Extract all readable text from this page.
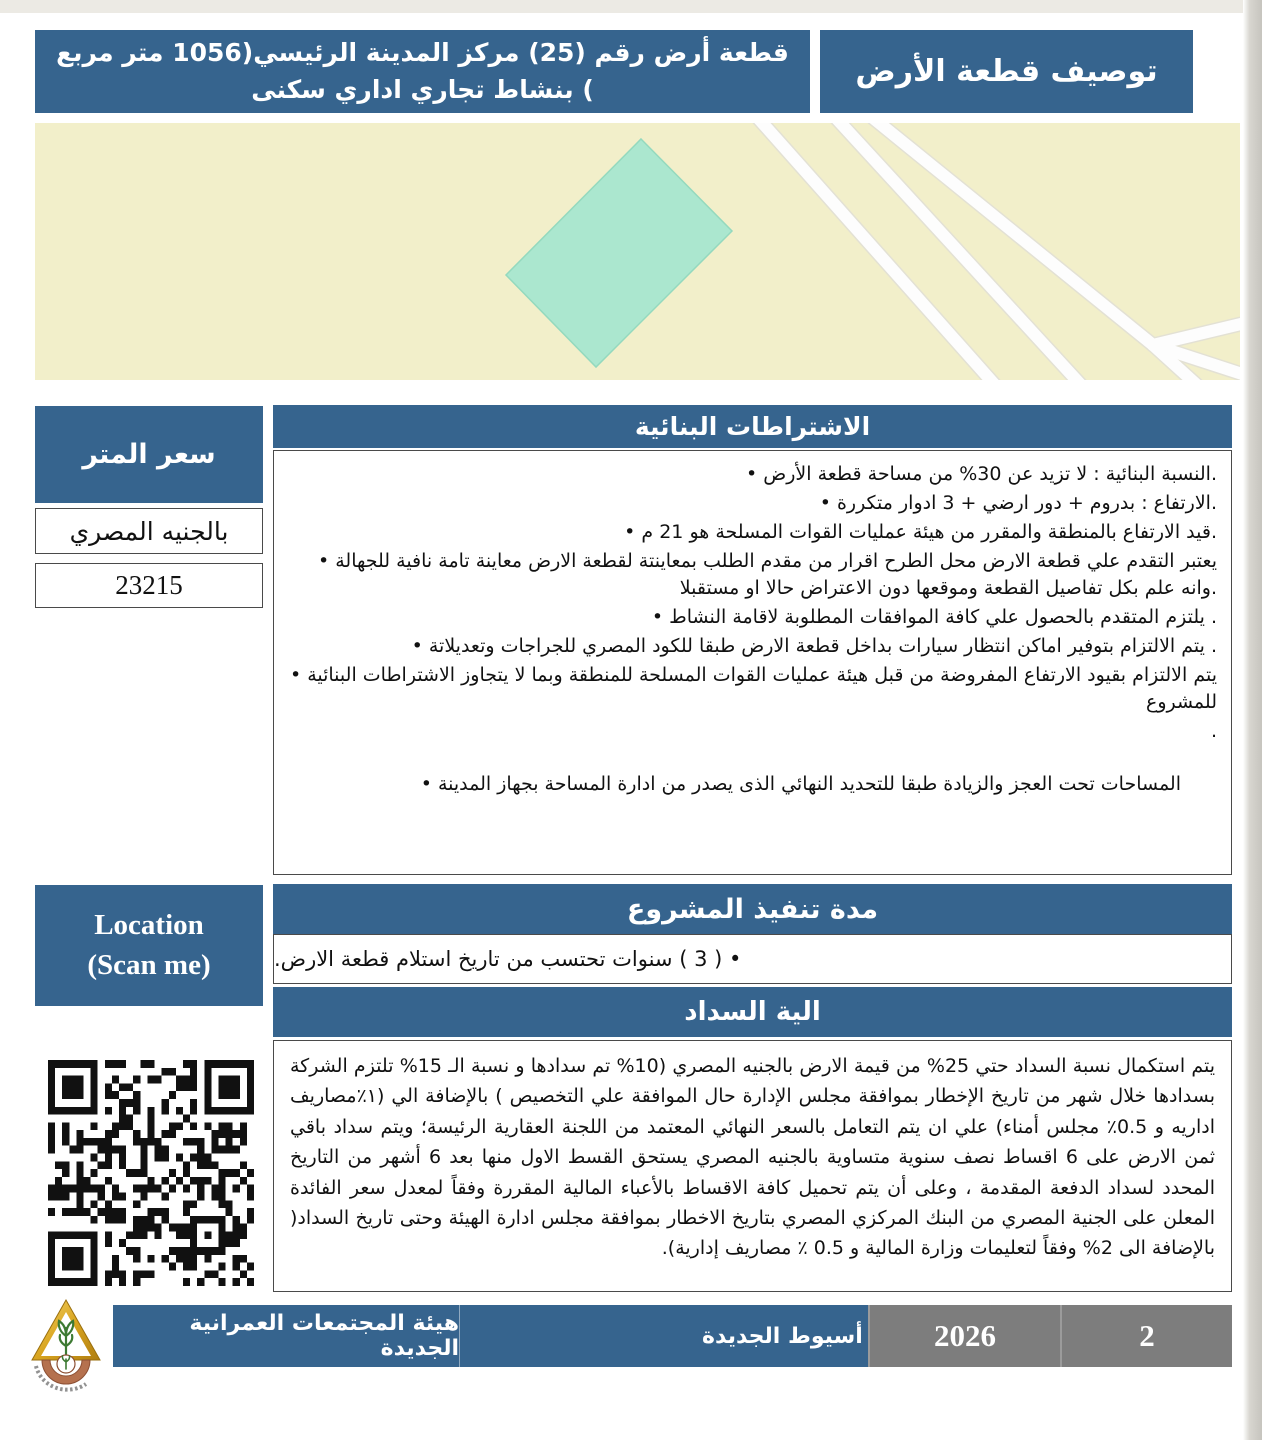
توصيف قطعة الأرض
قطعة أرض رقم (25) مركز المدينة الرئيسي(1056 متر مربع ) بنشاط تجاري اداري سكنى
سعر المتر
بالجنيه المصري
23215
الاشتراطات البنائية
• النسبة البنائية : لا تزيد عن 30% من مساحة قطعة الأرض.
• الارتفاع : بدروم + دور ارضي + 3 ادوار متكررة.
• قيد الارتفاع بالمنطقة والمقرر من هيئة عمليات القوات المسلحة هو 21 م.
• يعتبر التقدم علي قطعة الارض محل الطرح اقرار من مقدم الطلب بمعاينتة لقطعة الارض معاينة تامة نافية للجهالة وانه علم بكل تفاصيل القطعة وموقعها دون الاعتراض حالا او مستقبلا.
• يلتزم المتقدم بالحصول علي كافة الموافقات المطلوبة لاقامة النشاط .
• يتم الالتزام بتوفير اماكن انتظار سيارات بداخل قطعة الارض طبقا للكود المصري للجراجات وتعديلاتة .
• يتم الالتزام بقيود الارتفاع المفروضة من قبل هيئة عمليات القوات المسلحة للمنطقة وبما لا يتجاوز الاشتراطات البنائية للمشروع
.
• المساحات تحت العجز والزيادة طبقا للتحديد النهائي الذى يصدر من ادارة المساحة بجهاز المدينة
مدة تنفيذ المشروع
• ( 3 ) سنوات تحتسب من تاريخ استلام قطعة الارض.
الية السداد
يتم استكمال نسبة السداد حتي 25% من قيمة الارض بالجنيه المصري (10% تم سدادها و نسبة الـ 15% تلتزم الشركة بسدادها خلال شهر من تاريخ الإخطار بموافقة مجلس الإدارة حال الموافقة علي التخصيص ) بالإضافة الي (١٪مصاريف اداريه و 0.5٪ مجلس أمناء) علي ان يتم التعامل بالسعر النهائي المعتمد من اللجنة العقارية الرئيسة؛ ويتم سداد باقي ثمن الارض على 6 اقساط نصف سنوية متساوية بالجنيه المصري يستحق القسط الاول منها بعد 6 أشهر من التاريخ المحدد لسداد الدفعة المقدمة ، وعلى أن يتم تحميل كافة الاقساط بالأعباء المالية المقررة وفقاً لمعدل سعر الفائدة المعلن على الجنية المصري من البنك المركزي المصري بتاريخ الاخطار بموافقة مجلس ادارة الهيئة وحتى تاريخ السداد( بالإضافة الى 2% وفقاً لتعليمات وزارة المالية و 0.5 ٪ مصاريف إدارية).
Location
(Scan me)
هيئة المجتمعات العمرانية الجديدة	أسيوط الجديدة 2026	2
